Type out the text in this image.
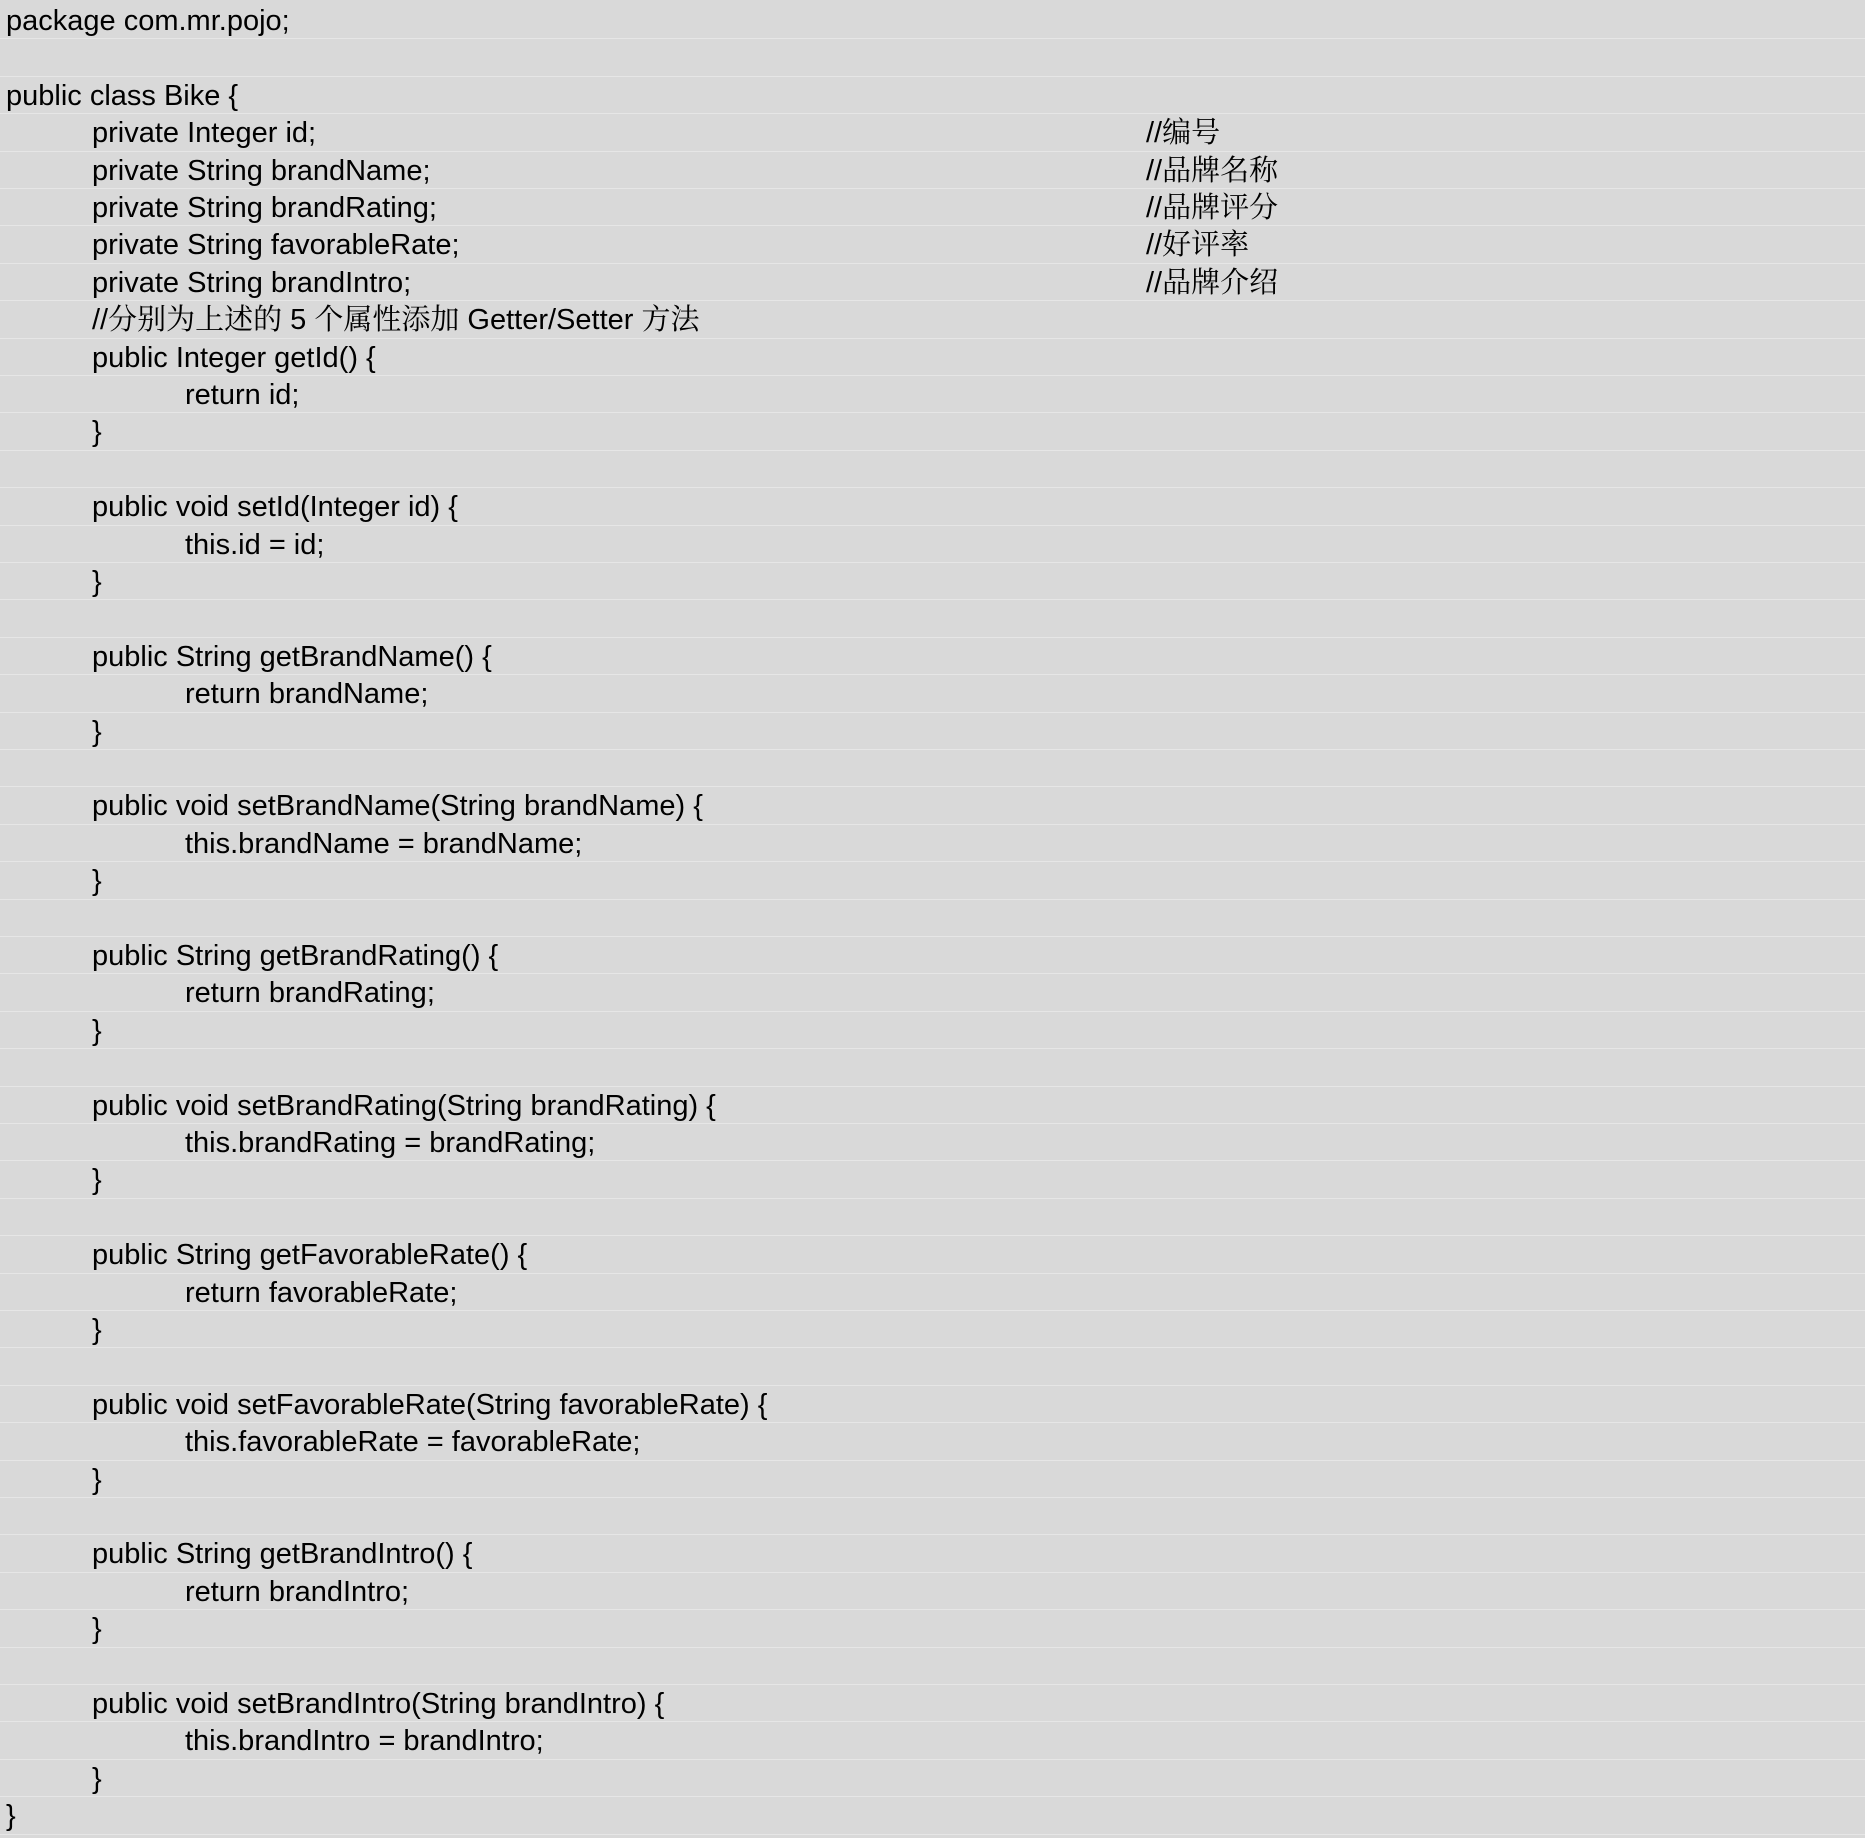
package com.mr.pojo;
public class Bike {
private Integer id;	//编号
private String brandName;	//品牌名称
private String brandRating;	//品牌评分
private String favorableRate;	//好评率
private String brandIntro;	//品牌介绍
//分别为上述的 5 个属性添加 Getter/Setter 方法
public Integer getId() {
return id;
}
public void setId(Integer id) {
this.id = id;
}
public String getBrandName() {
return brandName;
}
public void setBrandName(String brandName) {
this.brandName = brandName;
}
public String getBrandRating() {
return brandRating;
}
public void setBrandRating(String brandRating) {
this.brandRating = brandRating;
}
public String getFavorableRate() {
return favorableRate;
}
public void setFavorableRate(String favorableRate) {
this.favorableRate = favorableRate;
}
public String getBrandIntro() {
return brandIntro;
}
public void setBrandIntro(String brandIntro) {
this.brandIntro = brandIntro;
}
}
